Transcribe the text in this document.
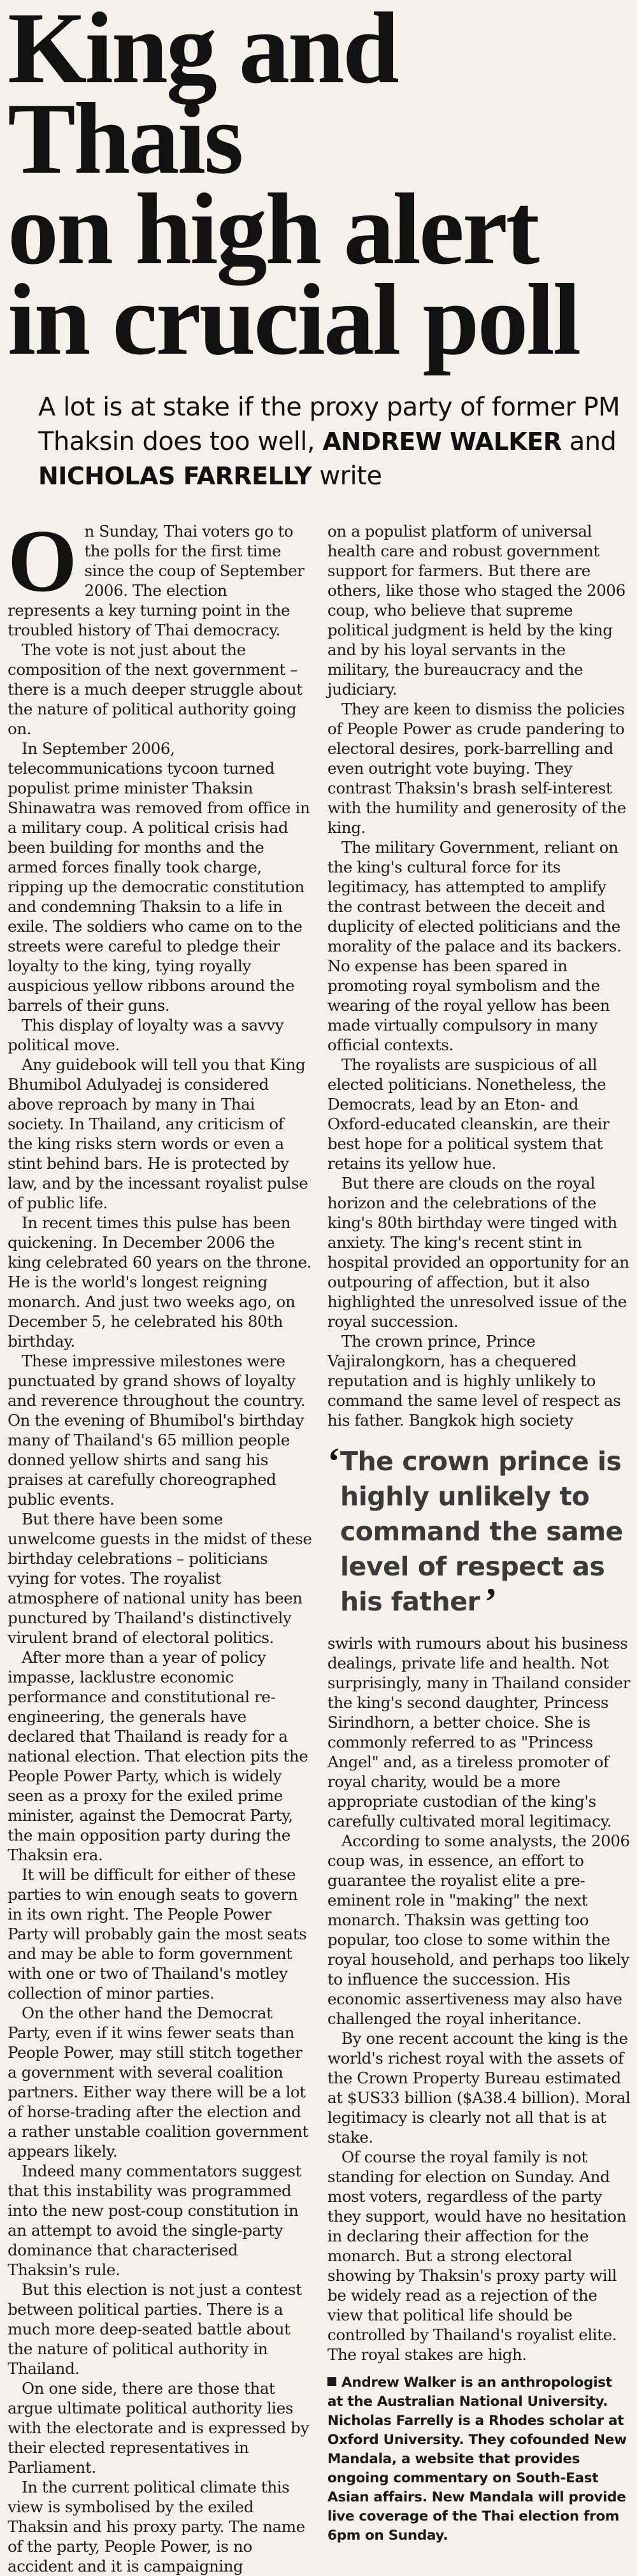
King and Thais
on high alert
in crucial poll
A lot is at stake if the proxy party of former PM Thaksin does too well, ANDREW WALKER and NICHOLAS FARRELLY write

On Sunday, Thai voters go to the polls for the first time since the coup of September 2006. The election represents a key turning point in the troubled history of Thai democracy.

The vote is not just about the composition of the next government – there is a much deeper struggle about the nature of political authority going on.

In September 2006, telecommunications tycoon turned populist prime minister Thaksin Shinawatra was removed from office in a military coup. A political crisis had been building for months and the armed forces finally took charge, ripping up the democratic constitution and condemning Thaksin to a life in exile. The soldiers who came on to the streets were careful to pledge their loyalty to the king, tying royally auspicious yellow ribbons around the barrels of their guns.

This display of loyalty was a savvy political move.

Any guidebook will tell you that King Bhumibol Adulyadej is considered above reproach by many in Thai society. In Thailand, any criticism of the king risks stern words or even a stint behind bars. He is protected by law, and by the incessant royalist pulse of public life.

In recent times this pulse has been quickening. In December 2006 the king celebrated 60 years on the throne. He is the world's longest reigning monarch. And just two weeks ago, on December 5, he celebrated his 80th birthday.

These impressive milestones were punctuated by grand shows of loyalty and reverence throughout the country. On the evening of Bhumibol's birthday many of Thailand's 65 million people donned yellow shirts and sang his praises at carefully choreographed public events.

But there have been some unwelcome guests in the midst of these birthday celebrations – politicians vying for votes. The royalist atmosphere of national unity has been punctured by Thailand's distinctively virulent brand of electoral politics.

After more than a year of policy impasse, lacklustre economic performance and constitutional re-engineering, the generals have declared that Thailand is ready for a national election. That election pits the People Power Party, which is widely seen as a proxy for the exiled prime minister, against the Democrat Party, the main opposition party during the Thaksin era.

It will be difficult for either of these parties to win enough seats to govern in its own right. The People Power Party will probably gain the most seats and may be able to form government with one or two of Thailand's motley collection of minor parties.

On the other hand the Democrat Party, even if it wins fewer seats than People Power, may still stitch together a government with several coalition partners. Either way there will be a lot of horse-trading after the election and a rather unstable coalition government appears likely.

Indeed many commentators suggest that this instability was programmed into the new post-coup constitution in an attempt to avoid the single-party dominance that characterised Thaksin's rule.

But this election is not just a contest between political parties. There is a much more deep-seated battle about the nature of political authority in Thailand.

On one side, there are those that argue ultimate political authority lies with the electorate and is expressed by their elected representatives in Parliament.

In the current political climate this view is symbolised by the exiled Thaksin and his proxy party. The name of the party, People Power, is no accident and it is campaigning

on a populist platform of universal health care and robust government support for farmers. But there are others, like those who staged the 2006 coup, who believe that supreme political judgment is held by the king and by his loyal servants in the military, the bureaucracy and the judiciary.

They are keen to dismiss the policies of People Power as crude pandering to electoral desires, pork-barrelling and even outright vote buying. They contrast Thaksin's brash self-interest with the humility and generosity of the king.

The military Government, reliant on the king's cultural force for its legitimacy, has attempted to amplify the contrast between the deceit and duplicity of elected politicians and the morality of the palace and its backers. No expense has been spared in promoting royal symbolism and the wearing of the royal yellow has been made virtually compulsory in many official contexts.

The royalists are suspicious of all elected politicians. Nonetheless, the Democrats, lead by an Eton- and Oxford-educated cleanskin, are their best hope for a political system that retains its yellow hue.

But there are clouds on the royal horizon and the celebrations of the king's 80th birthday were tinged with anxiety. The king's recent stint in hospital provided an opportunity for an outpouring of affection, but it also highlighted the unresolved issue of the royal succession.

The crown prince, Prince Vajiralongkorn, has a chequered reputation and is highly unlikely to command the same level of respect as his father. Bangkok high society

‘ The crown prince is highly unlikely to command the same level of respect as his father ’

swirls with rumours about his business dealings, private life and health. Not surprisingly, many in Thailand consider the king's second daughter, Princess Sirindhorn, a better choice. She is commonly referred to as "Princess Angel" and, as a tireless promoter of royal charity, would be a more appropriate custodian of the king's carefully cultivated moral legitimacy.

According to some analysts, the 2006 coup was, in essence, an effort to guarantee the royalist elite a pre-eminent role in "making" the next monarch. Thaksin was getting too popular, too close to some within the royal household, and perhaps too likely to influence the succession. His economic assertiveness may also have challenged the royal inheritance.

By one recent account the king is the world's richest royal with the assets of the Crown Property Bureau estimated at $US33 billion ($A38.4 billion). Moral legitimacy is clearly not all that is at stake.

Of course the royal family is not standing for election on Sunday. And most voters, regardless of the party they support, would have no hesitation in declaring their affection for the monarch. But a strong electoral showing by Thaksin's proxy party will be widely read as a rejection of the view that political life should be controlled by Thailand's royalist elite. The royal stakes are high.

Andrew Walker is an anthropologist at the Australian National University. Nicholas Farrelly is a Rhodes scholar at Oxford University. They cofounded New Mandala, a website that provides ongoing commentary on South-East Asian affairs. New Mandala will provide live coverage of the Thai election from 6pm on Sunday.
